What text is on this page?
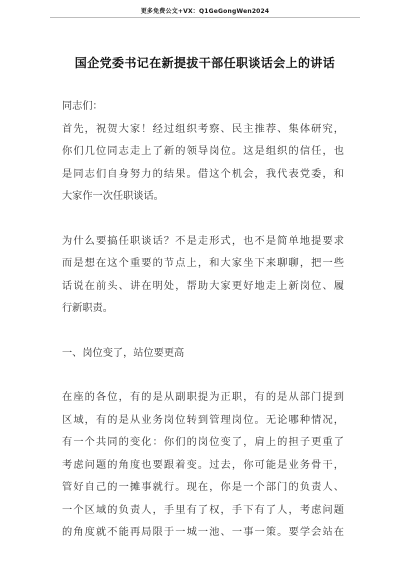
更多免费公文+VX：Q1GeGongWen2024
国企党委书记在新提拔干部任职谈话会上的讲话
同志们：
首先，祝贺大家！经过组织考察、民主推荐、集体研究，
你们几位同志走上了新的领导岗位。这是组织的信任，也
是同志们自身努力的结果。借这个机会，我代表党委，和
大家作一次任职谈话。
为什么要搞任职谈话？不是走形式，也不是简单地提要求
而是想在这个重要的节点上，和大家坐下来聊聊，把一些
话说在前头、讲在明处，帮助大家更好地走上新岗位、履
行新职责。
一、岗位变了，站位要更高
在座的各位，有的是从副职提为正职，有的是从部门提到
区域，有的是从业务岗位转到管理岗位。无论哪种情况，
有一个共同的变化：你们的岗位变了，肩上的担子更重了
考虑问题的角度也要跟着变。过去，你可能是业务骨干，
管好自己的一摊事就行。现在，你是一个部门的负责人、
一个区域的负责人，手里有了权，手下有了人，考虑问题
的角度就不能再局限于一城一池、一事一策。要学会站在
